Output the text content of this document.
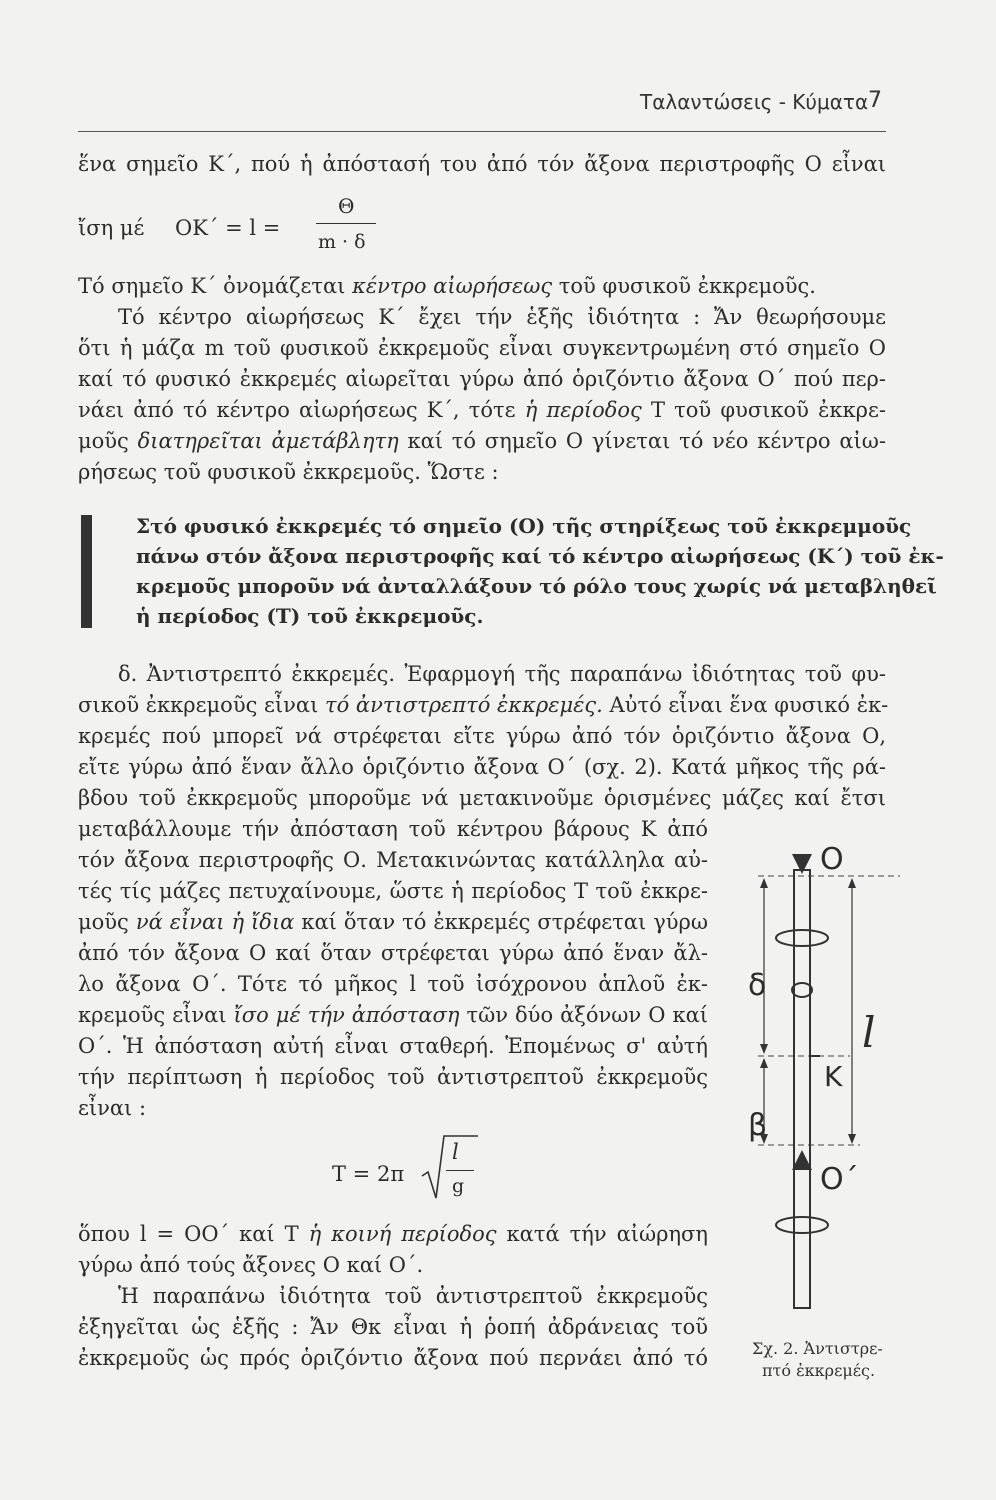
Ταλαντώσεις - Κύματα 7
ἕνα σημεῖο Κ΄, πού ἡ ἀπόστασή του ἀπό τόν ἄξονα περιστροφῆς Ο εἶναι
ἴση μέ ΟΚ΄ = l =
Θ
m · δ
Τό σημεῖο Κ΄ ὀνομάζεται κέντρο αἰωρήσεως τοῦ φυσικοῦ ἐκκρεμοῦς.
Τό κέντρο αἰωρήσεως Κ΄ ἔχει τήν ἑξῆς ἰδιότητα : Ἄν θεωρήσουμε
ὅτι ἡ μάζα m τοῦ φυσικοῦ ἐκκρεμοῦς εἶναι συγκεντρωμένη στό σημεῖο Ο
καί τό φυσικό ἐκκρεμές αἰωρεῖται γύρω ἀπό ὁριζόντιο ἄξονα Ο΄ πού περ-
νάει ἀπό τό κέντρο αἰωρήσεως Κ΄, τότε ἡ περίοδος Τ τοῦ φυσικοῦ ἐκκρε-
μοῦς διατηρεῖται ἀμετάβλητη καί τό σημεῖο Ο γίνεται τό νέο κέντρο αἰω-
ρήσεως τοῦ φυσικοῦ ἐκκρεμοῦς. Ὥστε :
Στό φυσικό ἐκκρεμές τό σημεῖο (Ο) τῆς στηρίξεως τοῦ ἐκκρεμμοῦς
πάνω στόν ἄξονα περιστροφῆς καί τό κέντρο αἰωρήσεως (Κ΄) τοῦ ἐκ-
κρεμοῦς μποροῦν νά ἀνταλλάξουν τό ρόλο τους χωρίς νά μεταβληθεῖ
ἡ περίοδος (Τ) τοῦ ἐκκρεμοῦς.
δ. Ἀντιστρεπτό ἐκκρεμές. Ἐφαρμογή τῆς παραπάνω ἰδιότητας τοῦ φυ-
σικοῦ ἐκκρεμοῦς εἶναι τό ἀντιστρεπτό ἐκκρεμές. Αὐτό εἶναι ἕνα φυσικό ἐκ-
κρεμές πού μπορεῖ νά στρέφεται εἴτε γύρω ἀπό τόν ὁριζόντιο ἄξονα Ο,
εἴτε γύρω ἀπό ἕναν ἄλλο ὁριζόντιο ἄξονα Ο΄ (σχ. 2). Κατά μῆκος τῆς ρά-
βδου τοῦ ἐκκρεμοῦς μποροῦμε νά μετακινοῦμε ὁρισμένες μάζες καί ἔτσι
μεταβάλλουμε τήν ἀπόσταση τοῦ κέντρου βάρους Κ ἀπό
τόν ἄξονα περιστροφῆς Ο. Μετακινώντας κατάλληλα αὐ-
τές τίς μάζες πετυχαίνουμε, ὥστε ἡ περίοδος Τ τοῦ ἐκκρε-
μοῦς νά εἶναι ἡ ἴδια καί ὅταν τό ἐκκρεμές στρέφεται γύρω
ἀπό τόν ἄξονα Ο καί ὅταν στρέφεται γύρω ἀπό ἕναν ἄλ-
λο ἄξονα Ο΄. Τότε τό μῆκος l τοῦ ἰσόχρονου ἁπλοῦ ἐκ-
κρεμοῦς εἶναι ἴσο μέ τήν ἀπόσταση τῶν δύο ἀξόνων Ο καί
Ο΄. Ἡ ἀπόσταση αὐτή εἶναι σταθερή. Ἑπομένως σ' αὐτή
τήν περίπτωση ἡ περίοδος τοῦ ἀντιστρεπτοῦ ἐκκρεμοῦς
εἶναι :
Τ = 2π
l
g
ὅπου l = ΟΟ΄ καί Τ ἡ κοινή περίοδος κατά τήν αἰώρηση
γύρω ἀπό τούς ἄξονες Ο καί Ο΄.
Ἡ παραπάνω ἰδιότητα τοῦ ἀντιστρεπτοῦ ἐκκρεμοῦς
ἐξηγεῖται ὡς ἑξῆς : Ἄν Θκ εἶναι ἡ ῥοπή ἀδράνειας τοῦ
ἐκκρεμοῦς ὡς πρός ὁριζόντιο ἄξονα πού περνάει ἀπό τό
O
O΄
δ
K
β
l
Σχ. 2. Ἀντιστρε-
πτό ἐκκρεμές.
